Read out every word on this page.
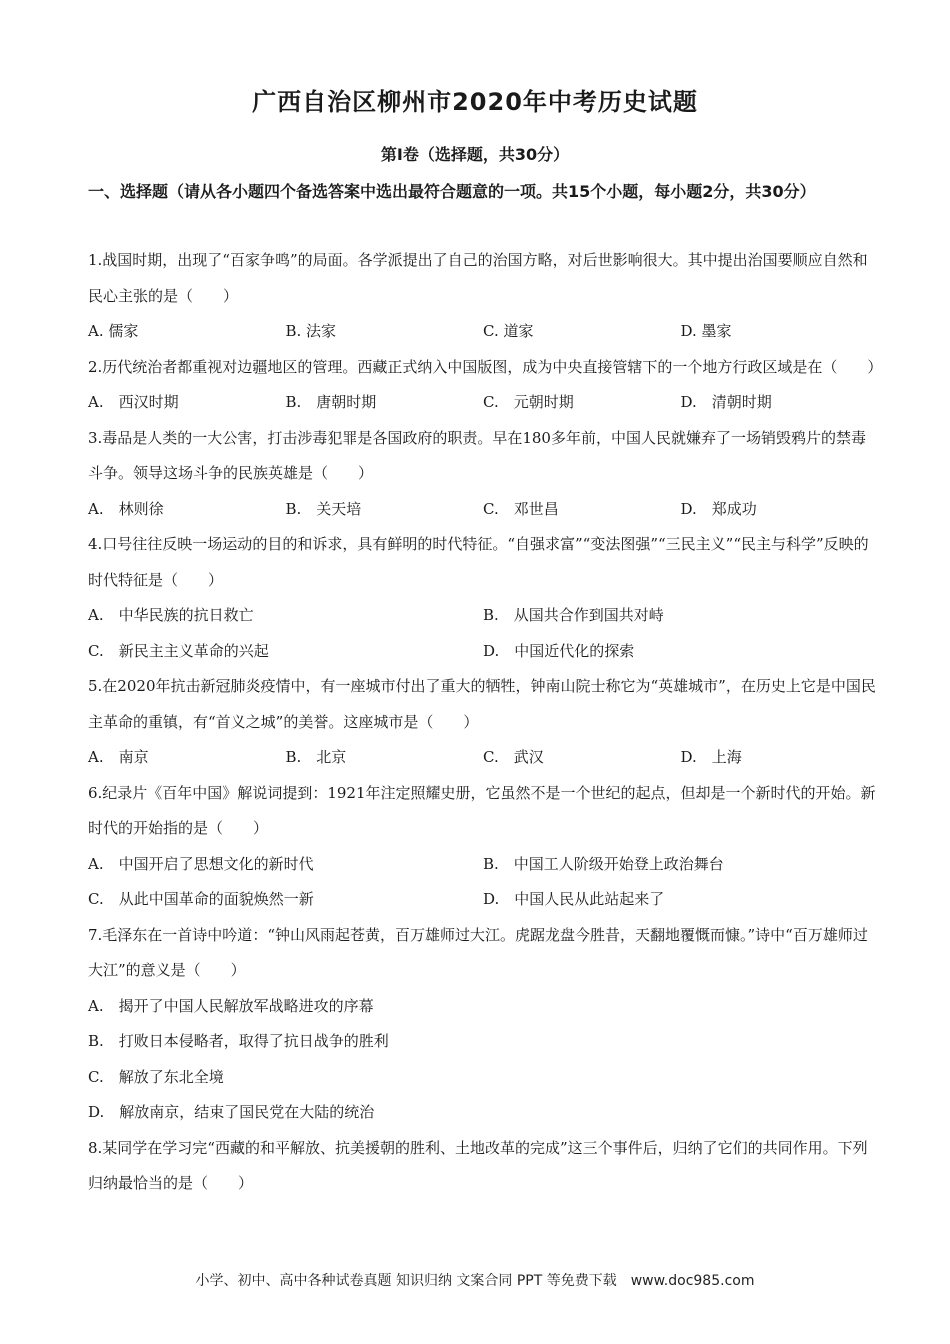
广西自治区柳州市2020年中考历史试题
第Ⅰ卷（选择题，共30分）
一、选择题（请从各小题四个备选答案中选出最符合题意的一项。共15个小题，每小题2分，共30分）
1.战国时期，出现了“百家争鸣”的局面。各学派提出了自己的治国方略，对后世影响很大。其中提出治国要顺应自然和民心主张的是（　　）
A. 儒家	B. 法家	C. 道家	D. 墨家
2.历代统治者都重视对边疆地区的管理。西藏正式纳入中国版图，成为中央直接管辖下的一个地方行政区域是在（　　）
A.　西汉时期	B.　唐朝时期	C.　元朝时期	D.　清朝时期
3.毒品是人类的一大公害，打击涉毒犯罪是各国政府的职责。早在180多年前，中国人民就嫌弃了一场销毁鸦片的禁毒斗争。领导这场斗争的民族英雄是（　　）
A.　林则徐	B.　关天培	C.　邓世昌	D.　郑成功
4.口号往往反映一场运动的目的和诉求，具有鲜明的时代特征。“自强求富”“变法图强”“三民主义”“民主与科学”反映的时代特征是（　　）
A.　中华民族的抗日救亡	B.　从国共合作到国共对峙
C.　新民主主义革命的兴起	D.　中国近代化的探索
5.在2020年抗击新冠肺炎疫情中，有一座城市付出了重大的牺牲，钟南山院士称它为“英雄城市”，在历史上它是中国民主革命的重镇，有“首义之城”的美誉。这座城市是（　　）
A.　南京	B.　北京	C.　武汉	D.　上海
6.纪录片《百年中国》解说词提到：1921年注定照耀史册，它虽然不是一个世纪的起点，但却是一个新时代的开始。新时代的开始指的是（　　）
A.　中国开启了思想文化的新时代	B.　中国工人阶级开始登上政治舞台
C.　从此中国革命的面貌焕然一新	D.　中国人民从此站起来了
7.毛泽东在一首诗中吟道：“钟山风雨起苍黄，百万雄师过大江。虎踞龙盘今胜昔，天翻地覆慨而慷。”诗中“百万雄师过大江”的意义是（　　）
A.　揭开了中国人民解放军战略进攻的序幕
B.　打败日本侵略者，取得了抗日战争的胜利
C.　解放了东北全境
D.　解放南京，结束了国民党在大陆的统治
8.某同学在学习完“西藏的和平解放、抗美援朝的胜利、土地改革的完成”这三个事件后，归纳了它们的共同作用。下列归纳最恰当的是（　　）
小学、初中、高中各种试卷真题 知识归纳 文案合同 PPT 等免费下载　www.doc985.com
